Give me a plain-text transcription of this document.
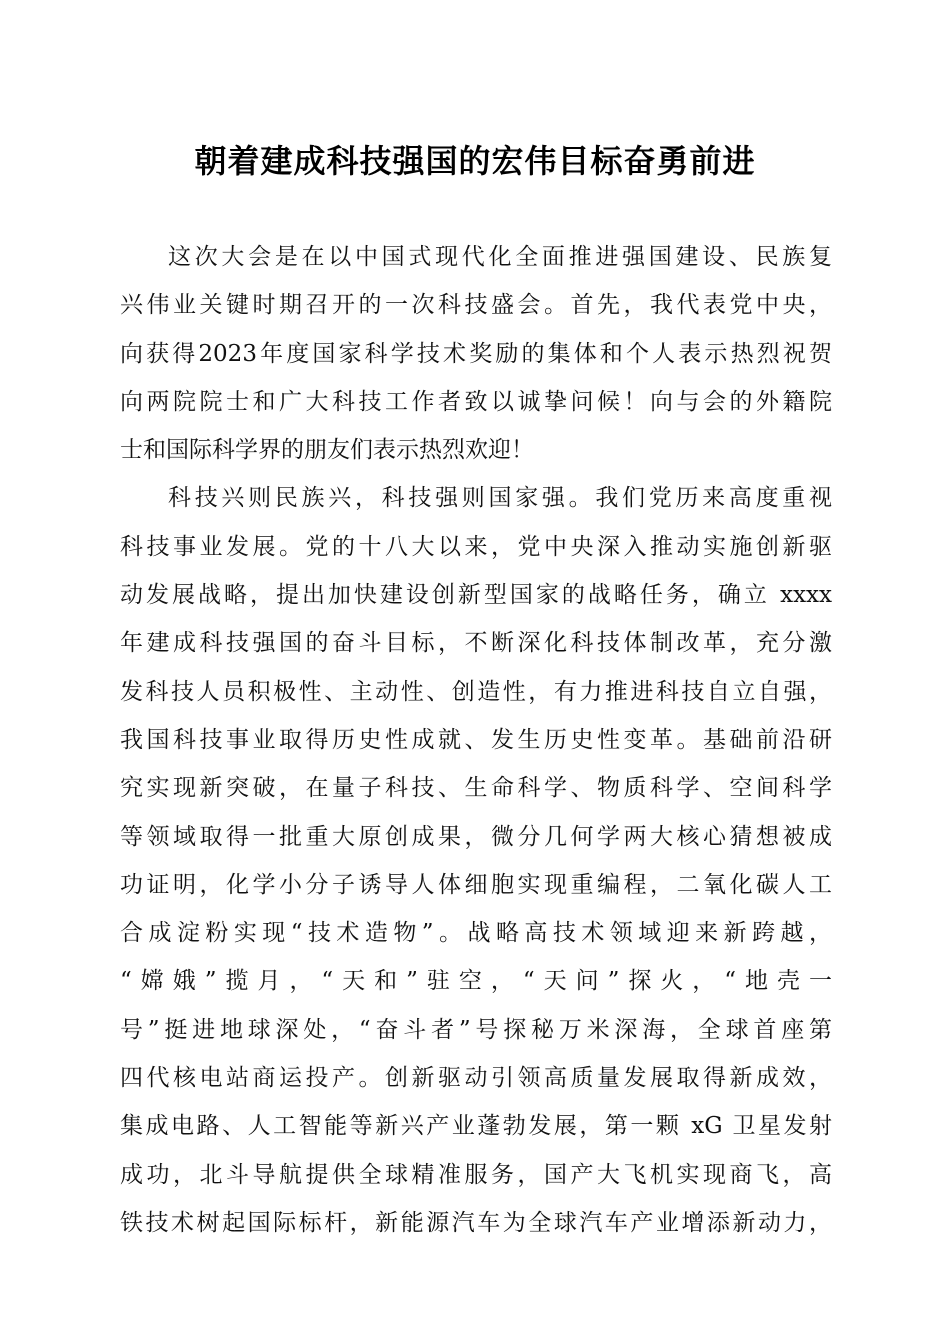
朝着建成科技强国的宏伟目标奋勇前进
这次大会是在以中国式现代化全面推进强国建设、民族复
兴伟业关键时期召开的一次科技盛会。首先，我代表党中央，
向获得2023年度国家科学技术奖励的集体和个人表示热烈祝贺
向两院院士和广大科技工作者致以诚挚问候！向与会的外籍院
士和国际科学界的朋友们表示热烈欢迎！
科技兴则民族兴，科技强则国家强。我们党历来高度重视
科技事业发展。党的十八大以来，党中央深入推动实施创新驱
动发展战略，提出加快建设创新型国家的战略任务，确立 xxxx
年建成科技强国的奋斗目标，不断深化科技体制改革，充分激
发科技人员积极性、主动性、创造性，有力推进科技自立自强，
我国科技事业取得历史性成就、发生历史性变革。基础前沿研
究实现新突破，在量子科技、生命科学、物质科学、空间科学
等领域取得一批重大原创成果，微分几何学两大核心猜想被成
功证明，化学小分子诱导人体细胞实现重编程，二氧化碳人工
合成淀粉实现“技术造物”。战略高技术领域迎来新跨越，
“嫦娥”揽月，“天和”驻空，“天问”探火，“地壳一
号”挺进地球深处，“奋斗者”号探秘万米深海，全球首座第
四代核电站商运投产。创新驱动引领高质量发展取得新成效，
集成电路、人工智能等新兴产业蓬勃发展，第一颗 xG 卫星发射
成功，北斗导航提供全球精准服务，国产大飞机实现商飞，高
铁技术树起国际标杆，新能源汽车为全球汽车产业增添新动力，
